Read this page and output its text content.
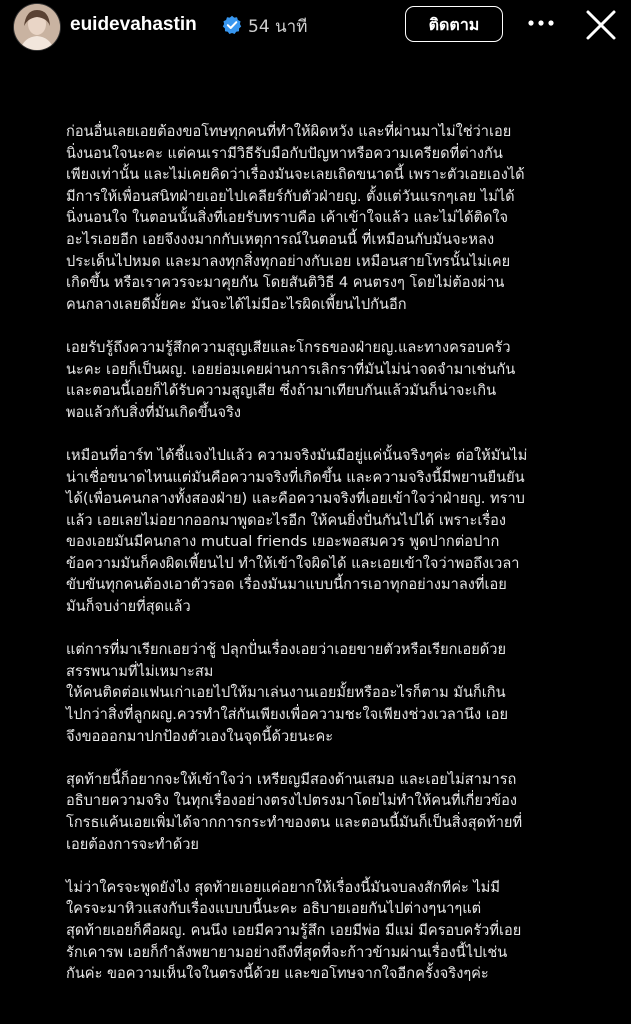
euidevahastin	54 นาที	ติดตาม
ก่อนอื่นเลยเอยต้องขอโทษทุกคนที่ทำให้ผิดหวัง และที่ผ่านมาไม่ใช่ว่าเอย
นิ่งนอนใจนะคะ แต่คนเรามีวิธีรับมือกับปัญหาหรือความเครียดที่ต่างกัน
เพียงเท่านั้น และไม่เคยคิดว่าเรื่องมันจะเลยเถิดขนาดนี้ เพราะตัวเอยเองได้
มีการให้เพื่อนสนิทฝ่ายเอยไปเคลียร์กับตัวฝ่ายญ. ตั้งแต่วันแรกๆเลย ไม่ได้
นิ่งนอนใจ ในตอนนั้นสิ่งที่เอยรับทราบคือ เค้าเข้าใจแล้ว และไม่ได้ติดใจ
อะไรเอยอีก เอยจึงงงมากกับเหตุการณ์ในตอนนี้ ที่เหมือนกับมันจะหลง
ประเด็นไปหมด และมาลงทุกสิ่งทุกอย่างกับเอย เหมือนสายโทรนั้นไม่เคย
เกิดขึ้น หรือเราควรจะมาคุยกัน โดยสันติวิธี 4 คนตรงๆ โดยไม่ต้องผ่าน
คนกลางเลยดีมั้ยคะ มันจะได้ไม่มีอะไรผิดเพี้ยนไปกันอีก
เอยรับรู้ถึงความรู้สึกความสูญเสียและโกรธของฝ่ายญ.และทางครอบครัว
นะคะ เอยก็เป็นผญ. เอยย่อมเคยผ่านการเลิกราที่มันไม่น่าจดจำมาเช่นกัน
และตอนนี้เอยก็ได้รับความสูญเสีย ซึ่งถ้ามาเทียบกันแล้วมันก็น่าจะเกิน
พอแล้วกับสิ่งที่มันเกิดขึ้นจริง
เหมือนที่อาร์ท ได้ชี้แจงไปแล้ว ความจริงมันมีอยู่แค่นั้นจริงๆค่ะ ต่อให้มันไม่
น่าเชื่อขนาดไหนแต่มันคือความจริงที่เกิดขึ้น และความจริงนี้มีพยานยืนยัน
ได้(เพื่อนคนกลางทั้งสองฝ่าย) และคือความจริงที่เอยเข้าใจว่าฝ่ายญ. ทราบ
แล้ว เอยเลยไม่อยากออกมาพูดอะไรอีก ให้คนยิ่งปั่นกันไปได้ เพราะเรื่อง
ของเอยมันมีคนกลาง mutual friends เยอะพอสมควร พูดปากต่อปาก
ข้อความมันก็คงผิดเพี้ยนไป ทำให้เข้าใจผิดได้ และเอยเข้าใจว่าพอถึงเวลา
ขับขันทุกคนต้องเอาตัวรอด เรื่องมันมาแบบนี้การเอาทุกอย่างมาลงที่เอย
มันก็จบง่ายที่สุดแล้ว
แต่การที่มาเรียกเอยว่าชู้ ปลุกปั่นเรื่องเอยว่าเอยขายตัวหรือเรียกเอยด้วย
สรรพนามที่ไม่เหมาะสม
ให้คนติดต่อแฟนเก่าเอยไปให้มาเล่นงานเอยมั้ยหรืออะไรก็ตาม มันก็เกิน
ไปกว่าสิ่งที่ลูกผญ.ควรทำใส่กันเพียงเพื่อความชะใจเพียงช่วงเวลานึง เอย
จึงขอออกมาปกป้องตัวเองในจุดนี้ด้วยนะคะ
สุดท้ายนี้ก็อยากจะให้เข้าใจว่า เหรียญมีสองด้านเสมอ และเอยไม่สามารถ
อธิบายความจริง ในทุกเรื่องอย่างตรงไปตรงมาโดยไม่ทำให้คนที่เกี่ยวข้อง
โกรธแค้นเอยเพิ่มได้จากการกระทำของตน และตอนนี้มันก็เป็นสิ่งสุดท้ายที่
เอยต้องการจะทำด้วย
ไม่ว่าใครจะพูดยังไง สุดท้ายเอยแค่อยากให้เรื่องนี้มันจบลงสักทีค่ะ ไม่มี
ใครจะมาหิวแสงกับเรื่องแบบบนี้นะคะ อธิบายเอยกันไปต่างๆนาๆแต่
สุดท้ายเอยก็คือผญ. คนนึง เอยมีความรู้สึก เอยมีพ่อ มีแม่ มีครอบครัวที่เอย
รักเคารพ เอยก็กำลังพยายามอย่างถึงที่สุดที่จะก้าวข้ามผ่านเรื่องนี้ไปเช่น
กันค่ะ ขอความเห็นใจในตรงนี้ด้วย และขอโทษจากใจอีกครั้งจริงๆค่ะ
